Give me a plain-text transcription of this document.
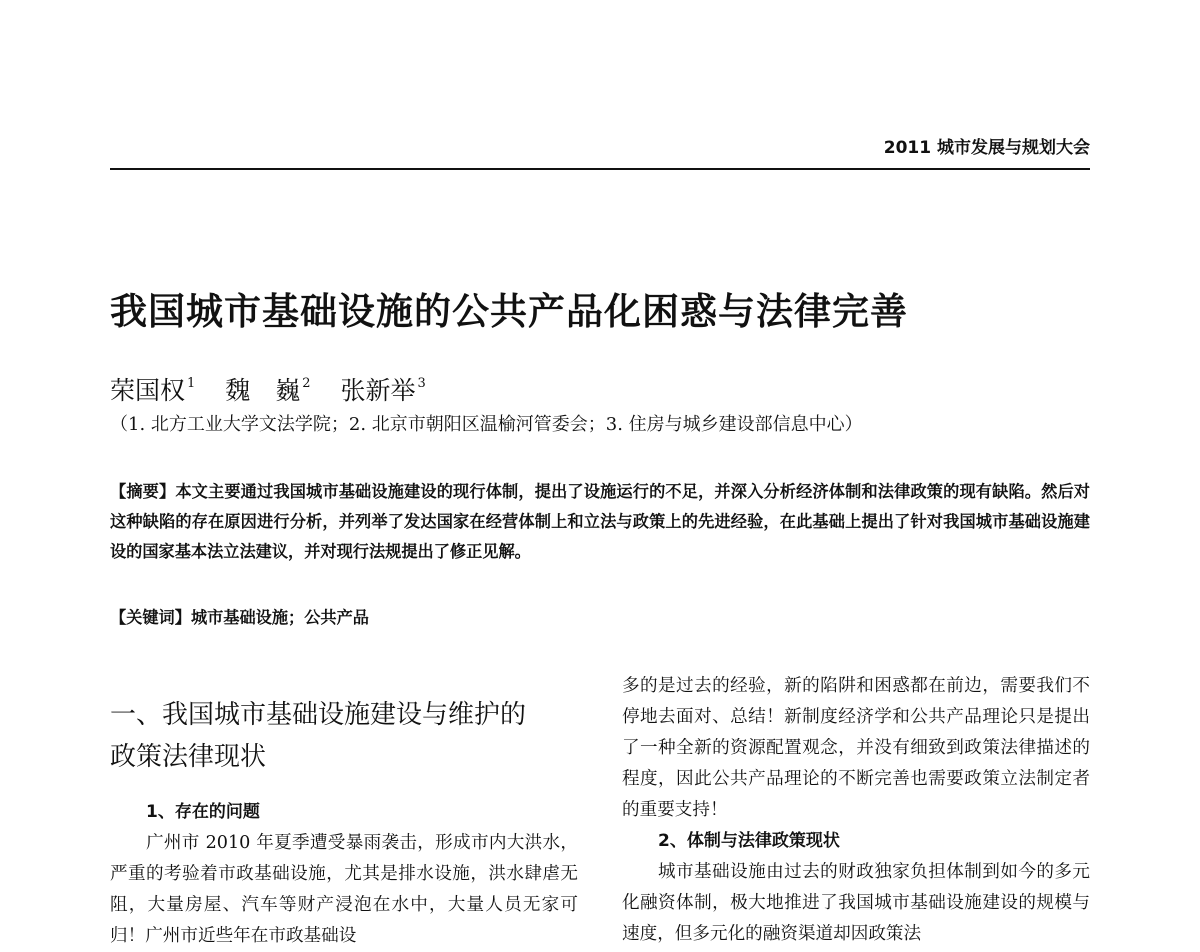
2011 城市发展与规划大会
我国城市基础设施的公共产品化困惑与法律完善
荣国权 $^1$ 魏　巍 $^2$ 张新举 $^3$
（1. 北方工业大学文法学院；2. 北京市朝阳区温榆河管委会；3. 住房与城乡建设部信息中心）
【摘要】本文主要通过我国城市基础设施建设的现行体制，提出了设施运行的不足，并深入分析经济体制和法律政策的现有缺陷。然后对这种缺陷的存在原因进行分析，并列举了发达国家在经营体制上和立法与政策上的先进经验，在此基础上提出了针对我国城市基础设施建设的国家基本法立法建议，并对现行法规提出了修正见解。
【关键词】城市基础设施；公共产品
一、我国城市基础设施建设与维护的
政策法律现状
1、存在的问题

广州市 2010 年夏季遭受暴雨袭击，形成市内大洪水，严重的考验着市政基础设施，尤其是排水设施，洪水肆虐无阻，大量房屋、汽车等财产浸泡在水中，大量人员无家可归！广州市近些年在市政基础设

多的是过去的经验，新的陷阱和困惑都在前边，需要我们不停地去面对、总结！新制度经济学和公共产品理论只是提出了一种全新的资源配置观念，并没有细致到政策法律描述的程度，因此公共产品理论的不断完善也需要政策立法制定者的重要支持！

2、体制与法律政策现状

城市基础设施由过去的财政独家负担体制到如今的多元化融资体制，极大地推进了我国城市基础设施建设的规模与速度，但多元化的融资渠道却因政策法
